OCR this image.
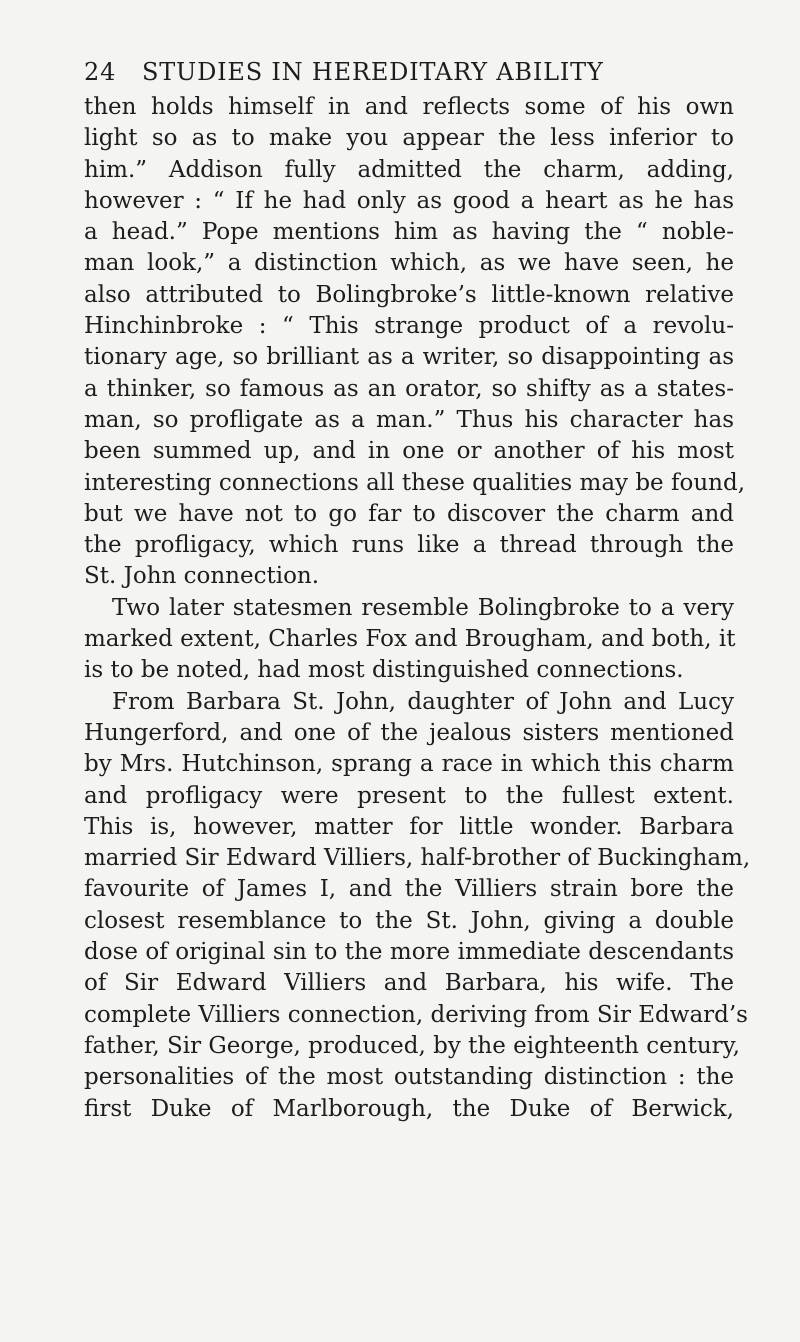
24	STUDIES IN HEREDITARY ABILITY
then holds himself in and reflects some of his own
light so as to make you appear the less inferior to
him.” Addison fully admitted the charm, adding,
however : “ If he had only as good a heart as he has
a head.” Pope mentions him as having the “ noble-
man look,” a distinction which, as we have seen, he
also attributed to Bolingbroke’s little-known relative
Hinchinbroke : “ This strange product of a revolu-
tionary age, so brilliant as a writer, so disappointing as
a thinker, so famous as an orator, so shifty as a states-
man, so profligate as a man.” Thus his character has
been summed up, and in one or another of his most
interesting connections all these qualities may be found,
but we have not to go far to discover the charm and
the profligacy, which runs like a thread through the
St. John connection.
Two later statesmen resemble Bolingbroke to a very
marked extent, Charles Fox and Brougham, and both, it
is to be noted, had most distinguished connections.
From Barbara St. John, daughter of John and Lucy
Hungerford, and one of the jealous sisters mentioned
by Mrs. Hutchinson, sprang a race in which this charm
and profligacy were present to the fullest extent.
This is, however, matter for little wonder. Barbara
married Sir Edward Villiers, half-brother of Buckingham,
favourite of James I, and the Villiers strain bore the
closest resemblance to the St. John, giving a double
dose of original sin to the more immediate descendants
of Sir Edward Villiers and Barbara, his wife. The
complete Villiers connection, deriving from Sir Edward’s
father, Sir George, produced, by the eighteenth century,
personalities of the most outstanding distinction : the
first Duke of Marlborough, the Duke of Berwick,
